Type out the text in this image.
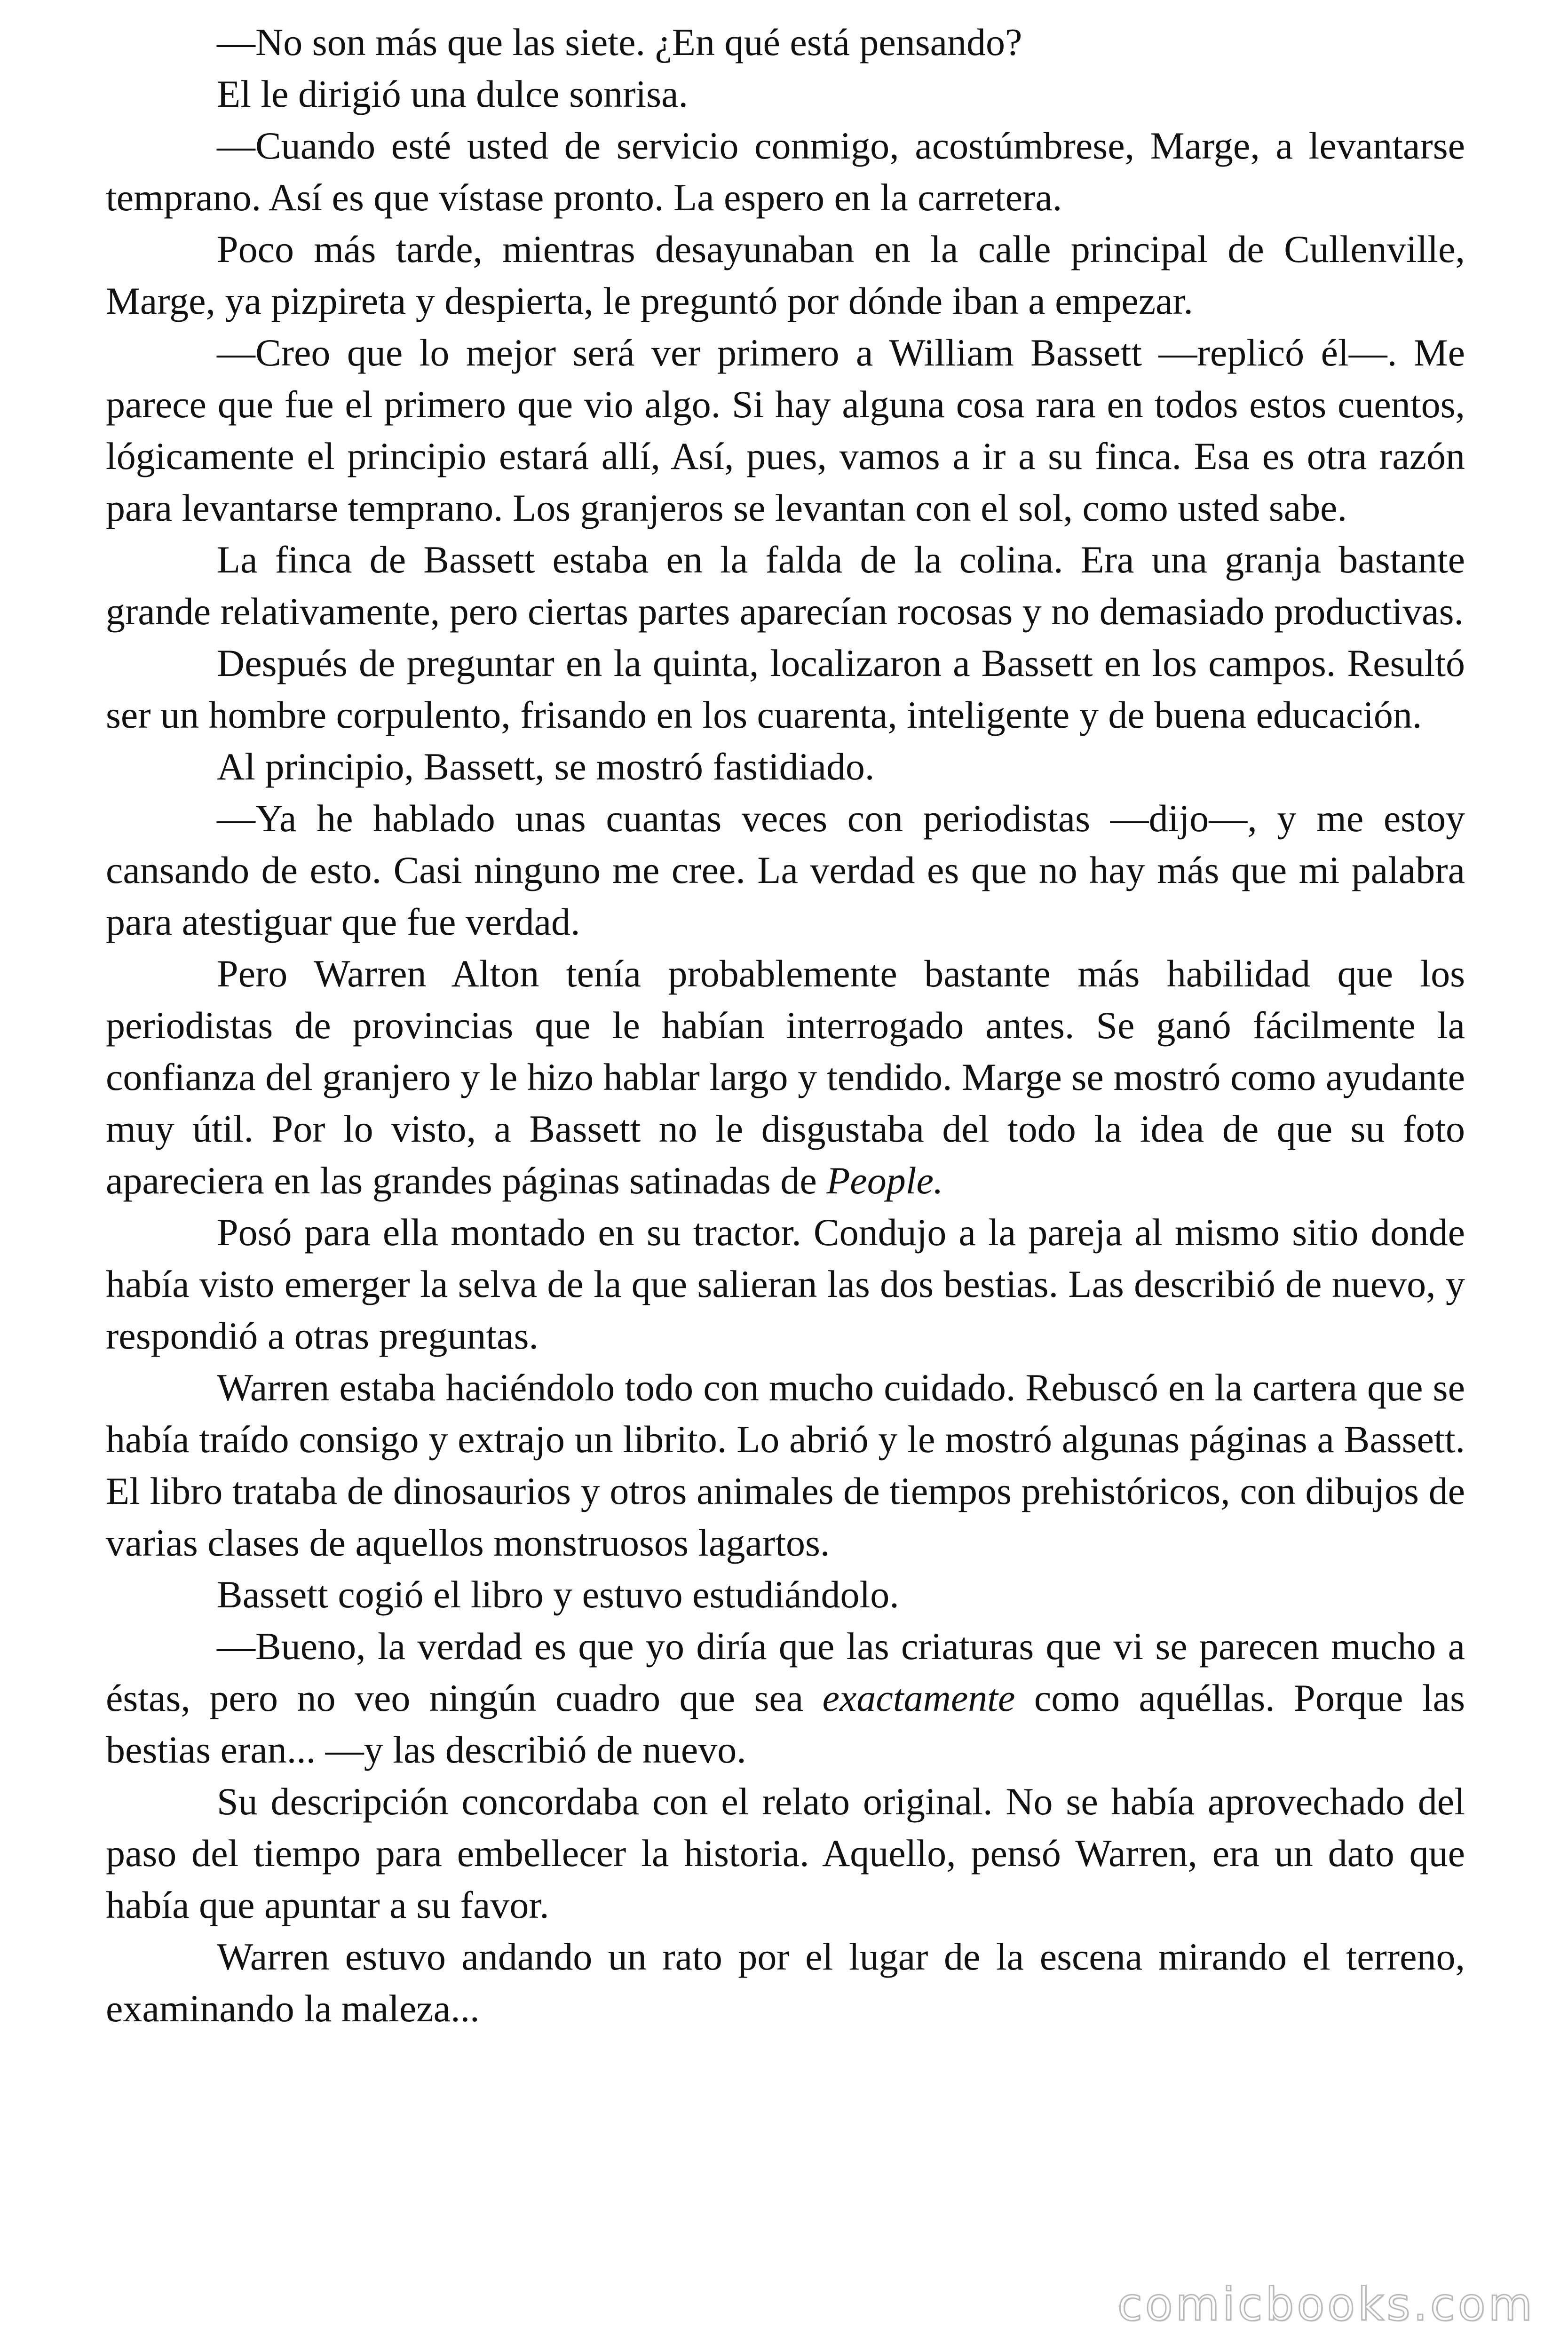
—No son más que las siete. ¿En qué está pensando?

El le dirigió una dulce sonrisa.

—Cuando esté usted de servicio conmigo, acostúmbrese, Marge, a levantarse temprano. Así es que vístase pronto. La espero en la carretera.

Poco más tarde, mientras desayunaban en la calle principal de Cullenville, Marge, ya pizpireta y despierta, le preguntó por dónde iban a empezar.

—Creo que lo mejor será ver primero a William Bassett —replicó él—. Me parece que fue el primero que vio algo. Si hay alguna cosa rara en todos estos cuentos, lógicamente el principio estará allí, Así, pues, vamos a ir a su finca. Esa es otra razón para levantarse temprano. Los granjeros se levantan con el sol, como usted sabe.

La finca de Bassett estaba en la falda de la colina. Era una granja bastante grande relativamente, pero ciertas partes aparecían rocosas y no demasiado productivas.

Después de preguntar en la quinta, localizaron a Bassett en los campos. Resultó ser un hombre corpulento, frisando en los cuarenta, inteligente y de buena educación.

Al principio, Bassett, se mostró fastidiado.

—Ya he hablado unas cuantas veces con periodistas —dijo—, y me estoy cansando de esto. Casi ninguno me cree. La verdad es que no hay más que mi palabra para atestiguar que fue verdad.

Pero Warren Alton tenía probablemente bastante más habilidad que los periodistas de provincias que le habían interrogado antes. Se ganó fácilmente la confianza del granjero y le hizo hablar largo y tendido. Marge se mostró como ayudante muy útil. Por lo visto, a Bassett no le disgustaba del todo la idea de que su foto apareciera en las grandes páginas satinadas de People.

Posó para ella montado en su tractor. Condujo a la pareja al mismo sitio donde había visto emerger la selva de la que salieran las dos bestias. Las describió de nuevo, y respondió a otras preguntas.

Warren estaba haciéndolo todo con mucho cuidado. Rebuscó en la cartera que se había traído consigo y extrajo un librito. Lo abrió y le mostró algunas páginas a Bassett. El libro trataba de dinosaurios y otros animales de tiempos prehistóricos, con dibujos de varias clases de aquellos monstruosos lagartos.

Bassett cogió el libro y estuvo estudiándolo.

—Bueno, la verdad es que yo diría que las criaturas que vi se parecen mucho a éstas, pero no veo ningún cuadro que sea exactamente como aquéllas. Porque las bestias eran... —y las describió de nuevo.

Su descripción concordaba con el relato original. No se había aprovechado del paso del tiempo para embellecer la historia. Aquello, pensó Warren, era un dato que había que apuntar a su favor.

Warren estuvo andando un rato por el lugar de la escena mirando el terreno, examinando la maleza...

comicbooks.com
